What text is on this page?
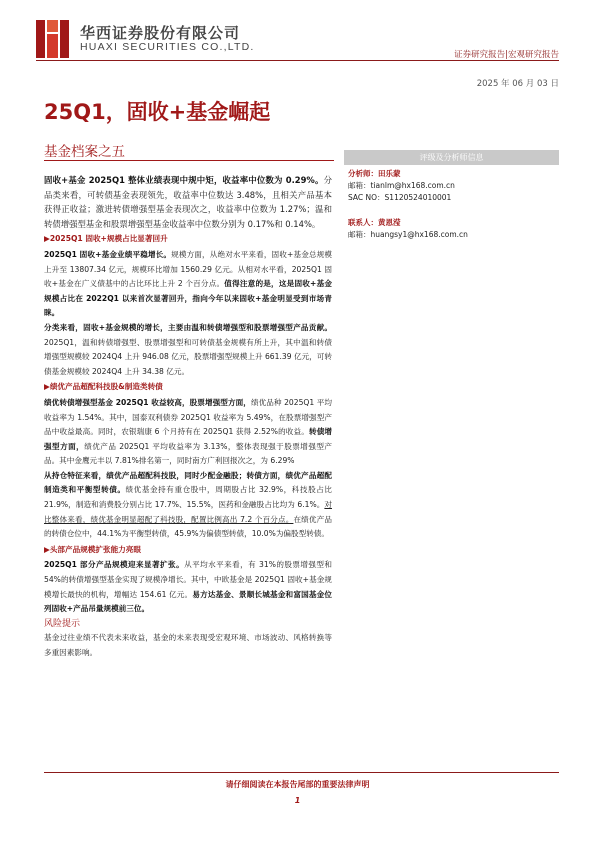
华西证券股份有限公司
HUAXI SECURITIES CO.,LTD.
证券研究报告|宏观研究报告
2025 年 06 月 03 日
25Q1，固收+基金崛起
基金档案之五	评级及分析师信息
分析师：田乐蒙
邮箱：tianlm@hx168.com.cn
SAC NO：S1120524010001
联系人：黄恩滢
邮箱：huangsy1@hx168.com.cn

固收+基金 2025Q1 整体业绩表现中规中矩，收益率中位数为 0.29%。分品类来看，可转债基金表现领先，收益率中位数达 3.48%，且相关产品基本获得正收益；激进转债增强型基金表现次之，收益率中位数为 1.27%；温和转债增强型基金和股票增强型基金收益率中位数分别为 0.17%和 0.14%。

▶2025Q1 固收+规模占比显著回升

2025Q1 固收+基金业绩平稳增长。规模方面，从绝对水平来看，固收+基金总规模上升至 13807.34 亿元，规模环比增加 1560.29 亿元。从相对水平看，2025Q1 固收+基金在广义债基中的占比环比上升 2 个百分点。值得注意的是，这是固收+基金规模占比在 2022Q1 以来首次显著回升，指向今年以来固收+基金明显受到市场青睐。

分类来看，固收+基金规模的增长，主要由温和转债增强型和股票增强型产品贡献。2025Q1，温和转债增强型、股票增强型和可转债基金规模有所上升，其中温和转债增强型规模较 2024Q4 上升 946.08 亿元，股票增强型规模上升 661.39 亿元，可转债基金规模较 2024Q4 上升 34.38 亿元。

▶绩优产品超配科技股&制造类转债

绩优转债增强型基金 2025Q1 收益较高，股票增强型方面，绩优品种 2025Q1 平均收益率为 1.54%。其中，国泰双利债券 2025Q1 收益率为 5.49%，在股票增强型产品中收益最高。同时，农银瑞康 6 个月持有在 2025Q1 获得 2.52%的收益。转债增强型方面，绩优产品 2025Q1 平均收益率为 3.13%，整体表现强于股票增强型产品。其中金鹰元丰以 7.81%排名第一，同时南方广利回报次之，为 6.29%

从持仓特征来看，绩优产品超配科技股，同时少配金融股；转债方面，绩优产品超配制造类和平衡型转债。绩优基金持有重仓股中，周期股占比 32.9%，科技股占比 21.9%，制造和消费股分别占比 17.7%、15.5%，医药和金融股占比均为 6.1%。对比整体来看，绩优基金明显超配了科技股，配置比例高出 7.2 个百分点。在绩优产品的转债仓位中，44.1%为平衡型转债，45.9%为偏债型转债，10.0%为偏股型转债。

▶头部产品规模扩张能力亮眼

2025Q1 部分产品规模迎来显著扩张。从平均水平来看，有 31%的股票增强型和 54%的转债增强型基金实现了规模净增长。其中，中欧基金是 2025Q1 固收+基金规模增长最快的机构，增幅达 154.61 亿元。易方达基金、景顺长城基金和富国基金位列固收+产品吊量规模前三位。

风险提示

基金过往业绩不代表未来收益，基金的未来表现受宏观环境、市场波动、风格转换等多重因素影响。

请仔细阅读在本报告尾部的重要法律声明
1
